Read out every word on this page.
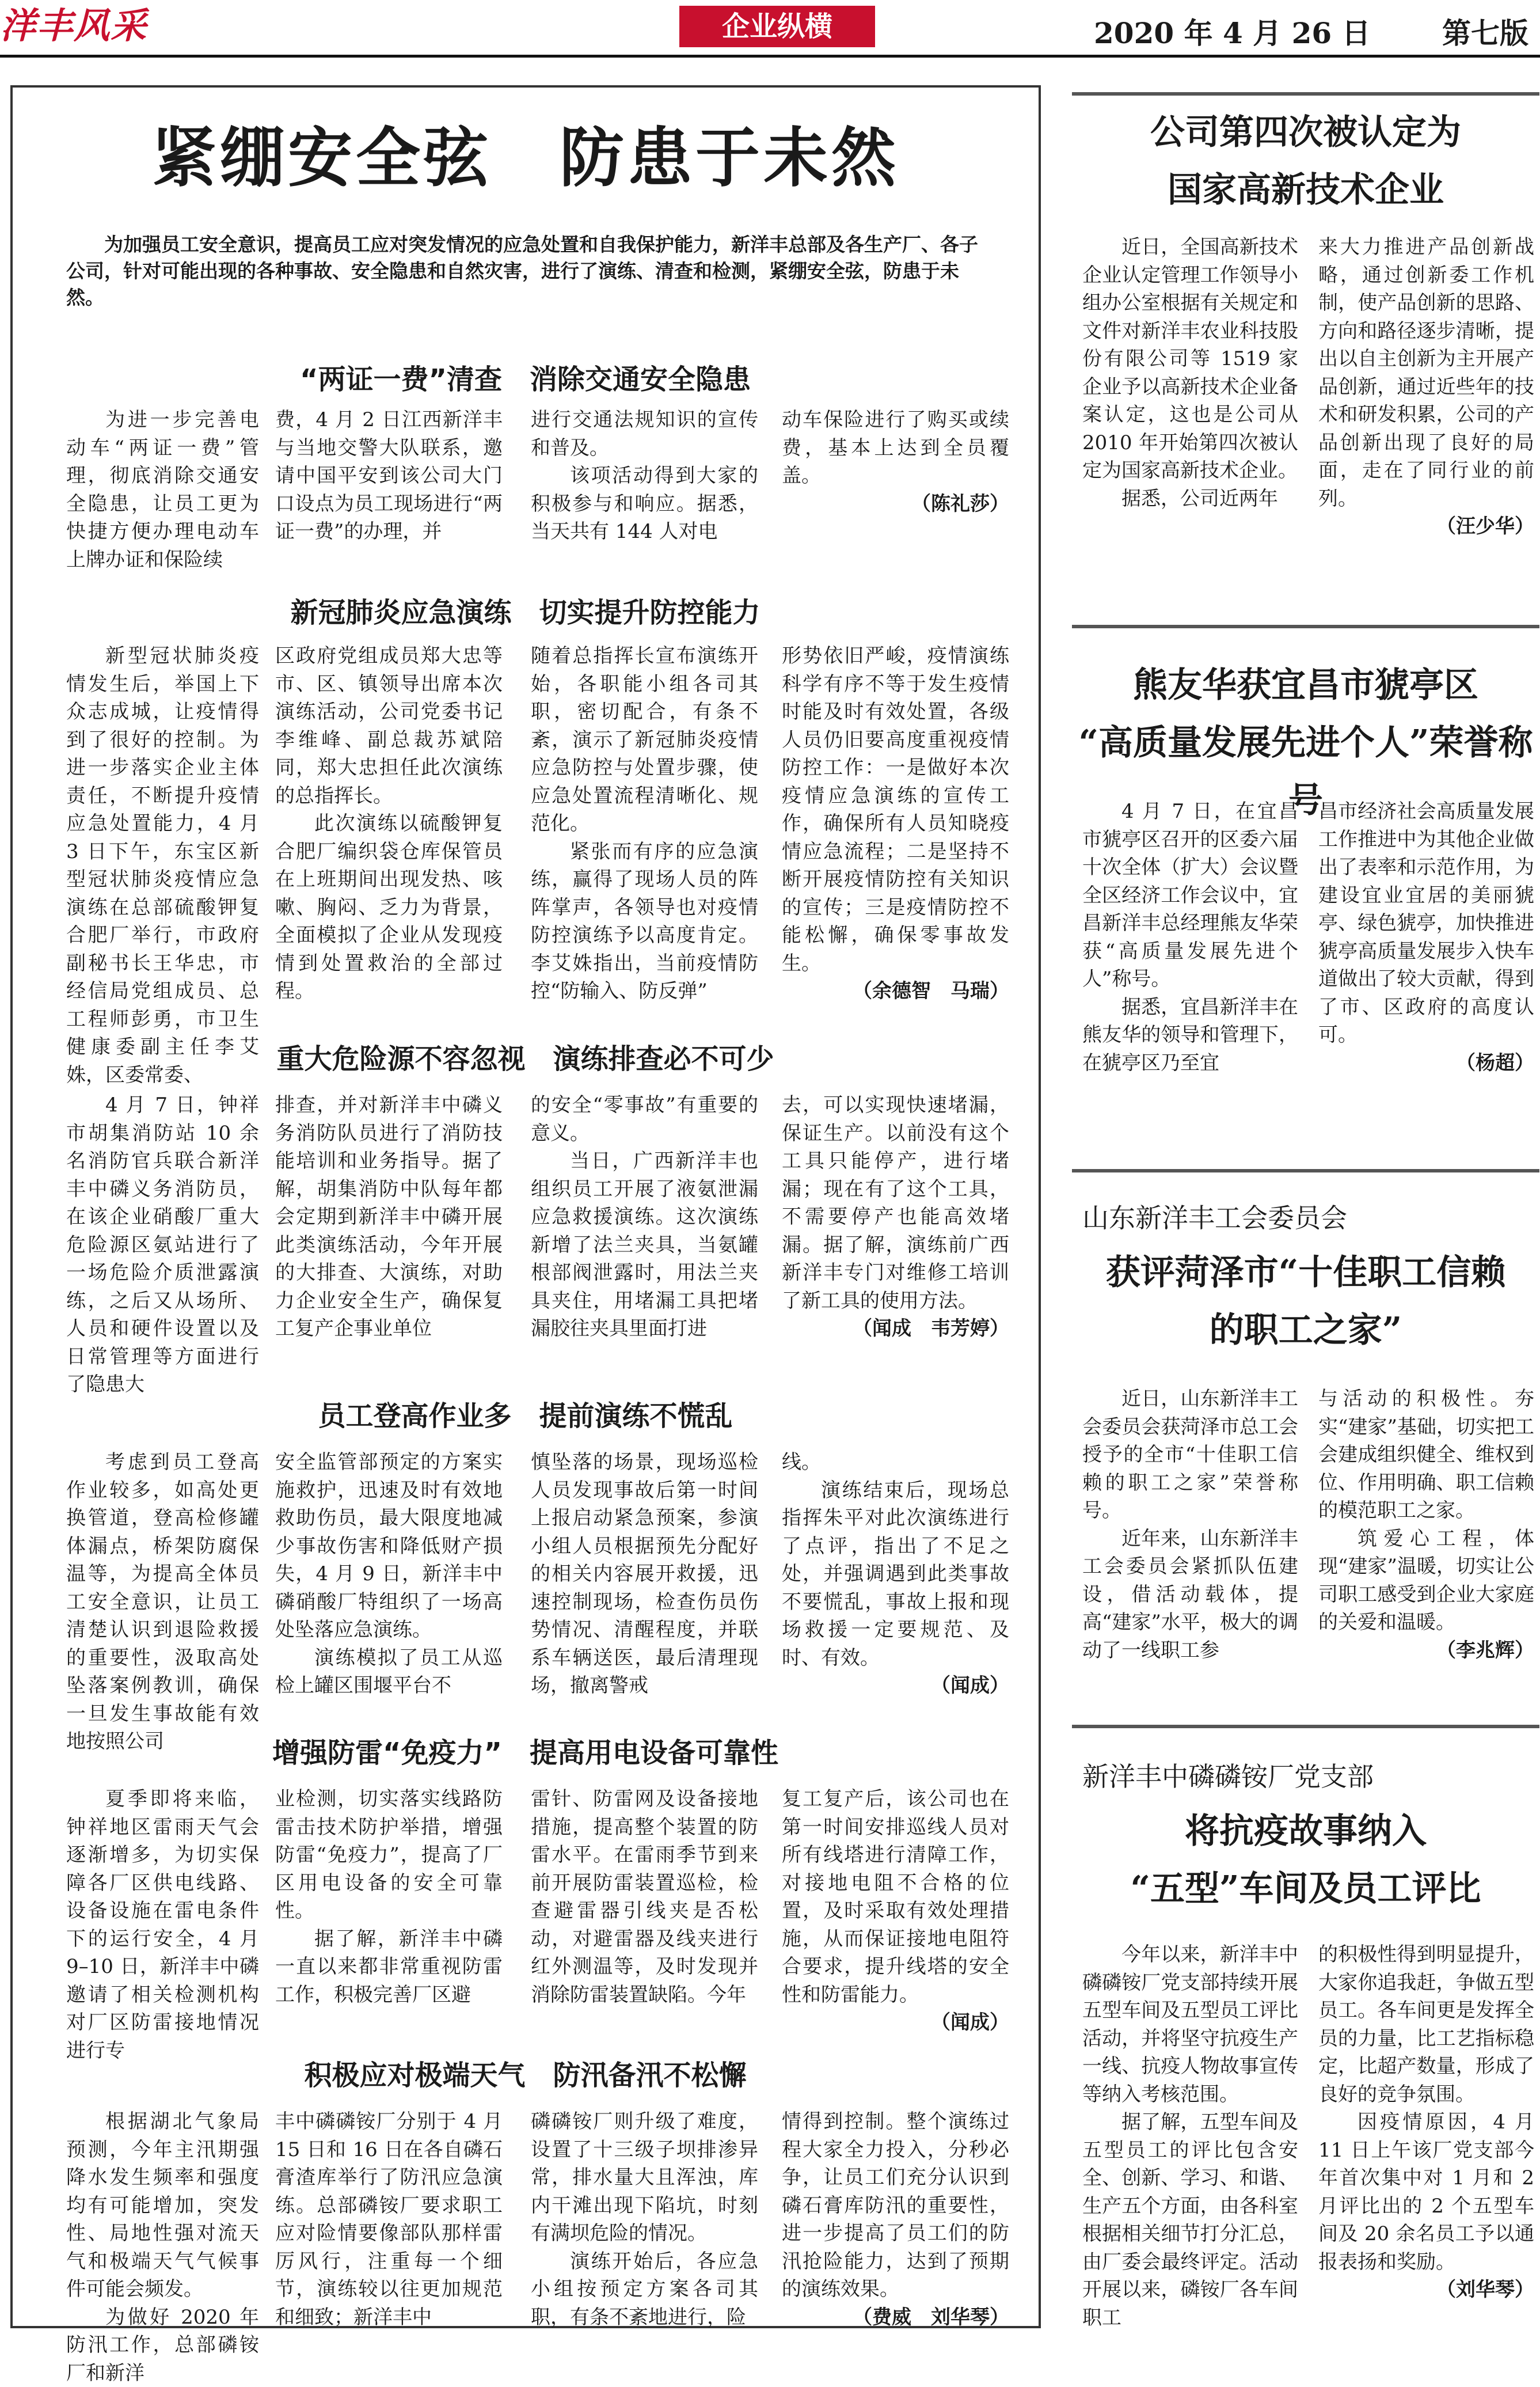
洋丰风采	企业纵横	2020 年 4 月 26 日 第七版
紧绷安全弦　防患于未然
为加强员工安全意识，提高员工应对突发情况的应急处置和自我保护能力，新洋丰总部及各生产厂、各子公司，针对可能出现的各种事故、安全隐患和自然灾害，进行了演练、清查和检测，紧绷安全弦，防患于未然。
“两证一费”清查　消除交通安全隐患

为进一步完善电动车“两证一费”管理，彻底消除交通安全隐患，让员工更为快捷方便办理电动车上牌办证和保险续

费，4 月 2 日江西新洋丰与当地交警大队联系，邀请中国平安到该公司大门口设点为员工现场进行“两证一费”的办理，并

进行交通法规知识的宣传和普及。

该项活动得到大家的积极参与和响应。据悉，当天共有 144 人对电

动车保险进行了购买或续费，基本上达到全员覆盖。

（陈礼莎）

新冠肺炎应急演练　切实提升防控能力

新型冠状肺炎疫情发生后，举国上下众志成城，让疫情得到了很好的控制。为进一步落实企业主体责任，不断提升疫情应急处置能力，4 月 3 日下午，东宝区新型冠状肺炎疫情应急演练在总部硫酸钾复合肥厂举行，市政府副秘书长王华忠，市经信局党组成员、总工程师彭勇，市卫生健康委副主任李艾姝，区委常委、

区政府党组成员郑大忠等市、区、镇领导出席本次演练活动，公司党委书记李维峰、副总裁苏斌陪同，郑大忠担任此次演练的总指挥长。

此次演练以硫酸钾复合肥厂编织袋仓库保管员在上班期间出现发热、咳嗽、胸闷、乏力为背景，全面模拟了企业从发现疫情到处置救治的全部过程。

随着总指挥长宣布演练开始，各职能小组各司其职，密切配合，有条不紊，演示了新冠肺炎疫情应急防控与处置步骤，使应急处置流程清晰化、规范化。

紧张而有序的应急演练，赢得了现场人员的阵阵掌声，各领导也对疫情防控演练予以高度肯定。李艾姝指出，当前疫情防控“防输入、防反弹”

形势依旧严峻，疫情演练科学有序不等于发生疫情时能及时有效处置，各级人员仍旧要高度重视疫情防控工作：一是做好本次疫情应急演练的宣传工作，确保所有人员知晓疫情应急流程；二是坚持不断开展疫情防控有关知识的宣传；三是疫情防控不能松懈，确保零事故发生。

（余德智　马瑞）

重大危险源不容忽视　演练排查必不可少

4 月 7 日，钟祥市胡集消防站 10 余名消防官兵联合新洋丰中磷义务消防员，在该企业硝酸厂重大危险源区氨站进行了一场危险介质泄露演练，之后又从场所、人员和硬件设置以及日常管理等方面进行了隐患大

排查，并对新洋丰中磷义务消防队员进行了消防技能培训和业务指导。据了解，胡集消防中队每年都会定期到新洋丰中磷开展此类演练活动，今年开展的大排查、大演练，对助力企业安全生产，确保复工复产企事业单位

的安全“零事故”有重要的意义。

当日，广西新洋丰也组织员工开展了液氨泄漏应急救援演练。这次演练新增了法兰夹具，当氨罐根部阀泄露时，用法兰夹具夹住，用堵漏工具把堵漏胶往夹具里面打进

去，可以实现快速堵漏，保证生产。以前没有这个工具只能停产，进行堵漏；现在有了这个工具，不需要停产也能高效堵漏。据了解，演练前广西新洋丰专门对维修工培训了新工具的使用方法。

（闻成　韦芳婷）

员工登高作业多　提前演练不慌乱

考虑到员工登高作业较多，如高处更换管道，登高检修罐体漏点，桥架防腐保温等，为提高全体员工安全意识，让员工清楚认识到退险救援的重要性，汲取高处坠落案例教训，确保一旦发生事故能有效地按照公司

安全监管部预定的方案实施救护，迅速及时有效地救助伤员，最大限度地减少事故伤害和降低财产损失，4 月 9 日，新洋丰中磷硝酸厂特组织了一场高处坠落应急演练。

演练模拟了员工从巡检上罐区围堰平台不

慎坠落的场景，现场巡检人员发现事故后第一时间上报启动紧急预案，参演小组人员根据预先分配好的相关内容展开救援，迅速控制现场，检查伤员伤势情况、清醒程度，并联系车辆送医，最后清理现场，撤离警戒

线。

演练结束后，现场总指挥朱平对此次演练进行了点评，指出了不足之处，并强调遇到此类事故不要慌乱，事故上报和现场救援一定要规范、及时、有效。

（闻成）

增强防雷“免疫力”　提高用电设备可靠性

夏季即将来临，钟祥地区雷雨天气会逐渐增多，为切实保障各厂区供电线路、设备设施在雷电条件下的运行安全，4 月 9–10 日，新洋丰中磷邀请了相关检测机构对厂区防雷接地情况进行专

业检测，切实落实线路防雷击技术防护举措，增强防雷“免疫力”，提高了厂区用电设备的安全可靠性。

据了解，新洋丰中磷一直以来都非常重视防雷工作，积极完善厂区避

雷针、防雷网及设备接地措施，提高整个装置的防雷水平。在雷雨季节到来前开展防雷装置巡检，检查避雷器引线夹是否松动，对避雷器及线夹进行红外测温等，及时发现并消除防雷装置缺陷。今年

复工复产后，该公司也在第一时间安排巡线人员对所有线塔进行清障工作，对接地电阻不合格的位置，及时采取有效处理措施，从而保证接地电阻符合要求，提升线塔的安全性和防雷能力。

（闻成）

积极应对极端天气　防汛备汛不松懈

根据湖北气象局预测，今年主汛期强降水发生频率和强度均有可能增加，突发性、局地性强对流天气和极端天气气候事件可能会频发。

为做好 2020 年防汛工作，总部磷铵厂和新洋

丰中磷磷铵厂分别于 4 月 15 日和 16 日在各自磷石膏渣库举行了防汛应急演练。总部磷铵厂要求职工应对险情要像部队那样雷厉风行，注重每一个细节，演练较以往更加规范和细致；新洋丰中

磷磷铵厂则升级了难度，设置了十三级子坝排渗异常，排水量大且浑浊，库内干滩出现下陷坑，时刻有满坝危险的情况。

演练开始后，各应急小组按预定方案各司其职，有条不紊地进行，险

情得到控制。整个演练过程大家全力投入，分秒必争，让员工们充分认识到磷石膏库防汛的重要性，进一步提高了员工们的防汛抢险能力，达到了预期的演练效果。

（费威　刘华琴）

公司第四次被认定为
国家高新技术企业

近日，全国高新技术企业认定管理工作领导小组办公室根据有关规定和文件对新洋丰农业科技股份有限公司等 1519 家企业予以高新技术企业备案认定，这也是公司从 2010 年开始第四次被认定为国家高新技术企业。

据悉，公司近两年

来大力推进产品创新战略，通过创新委工作机制，使产品创新的思路、方向和路径逐步清晰，提出以自主创新为主开展产品创新，通过近些年的技术和研发积累，公司的产品创新出现了良好的局面，走在了同行业的前列。

（汪少华）

熊友华获宜昌市猇亭区
“高质量发展先进个人”荣誉称号

4 月 7 日，在宜昌市猇亭区召开的区委六届十次全体（扩大）会议暨全区经济工作会议中，宜昌新洋丰总经理熊友华荣获“高质量发展先进个人”称号。

据悉，宜昌新洋丰在熊友华的领导和管理下，在猇亭区乃至宜

昌市经济社会高质量发展工作推进中为其他企业做出了表率和示范作用，为建设宜业宜居的美丽猇亭、绿色猇亭，加快推进猇亭高质量发展步入快车道做出了较大贡献，得到了市、区政府的高度认可。

（杨超）

山东新洋丰工会委员会
获评菏泽市“十佳职工信赖
的职工之家”

近日，山东新洋丰工会委员会获菏泽市总工会授予的全市“十佳职工信赖的职工之家”荣誉称号。

近年来，山东新洋丰工会委员会紧抓队伍建设，借活动载体，提高“建家”水平，极大的调动了一线职工参

与活动的积极性。夯实“建家”基础，切实把工会建成组织健全、维权到位、作用明确、职工信赖的模范职工之家。

筑爱心工程，体现“建家”温暖，切实让公司职工感受到企业大家庭的关爱和温暖。

（李兆辉）

新洋丰中磷磷铵厂党支部
将抗疫故事纳入
“五型”车间及员工评比

今年以来，新洋丰中磷磷铵厂党支部持续开展五型车间及五型员工评比活动，并将坚守抗疫生产一线、抗疫人物故事宣传等纳入考核范围。

据了解，五型车间及五型员工的评比包含安全、创新、学习、和谐、生产五个方面，由各科室根据相关细节打分汇总，由厂委会最终评定。活动开展以来，磷铵厂各车间职工

的积极性得到明显提升，大家你追我赶，争做五型员工。各车间更是发挥全员的力量，比工艺指标稳定，比超产数量，形成了良好的竞争氛围。

因疫情原因，4 月 11 日上午该厂党支部今年首次集中对 1 月和 2 月评比出的 2 个五型车间及 20 余名员工予以通报表扬和奖励。

（刘华琴）
